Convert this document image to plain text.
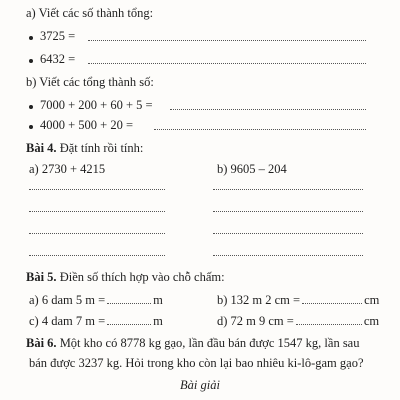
a) Viết các số thành tổng:
3725 =
6432 =
b) Viết các tổng thành số:
7000 + 200 + 60 + 5 =
4000 + 500 + 20 =
Bài 4. Đặt tính rồi tính:
a) 2730 + 4215	b) 9605 – 204
Bài 5. Điền số thích hợp vào chỗ chấm:
a) 6 dam 5 m =	m	b) 132 m 2 cm =	cm
c) 4 dam 7 m =	m	d) 72 m 9 cm =	cm
Bài 6. Một kho có 8778 kg gạo, lần đầu bán được 1547 kg, lần sau
bán được 3237 kg. Hỏi trong kho còn lại bao nhiêu ki-lô-gam gạo?
Bài giải
